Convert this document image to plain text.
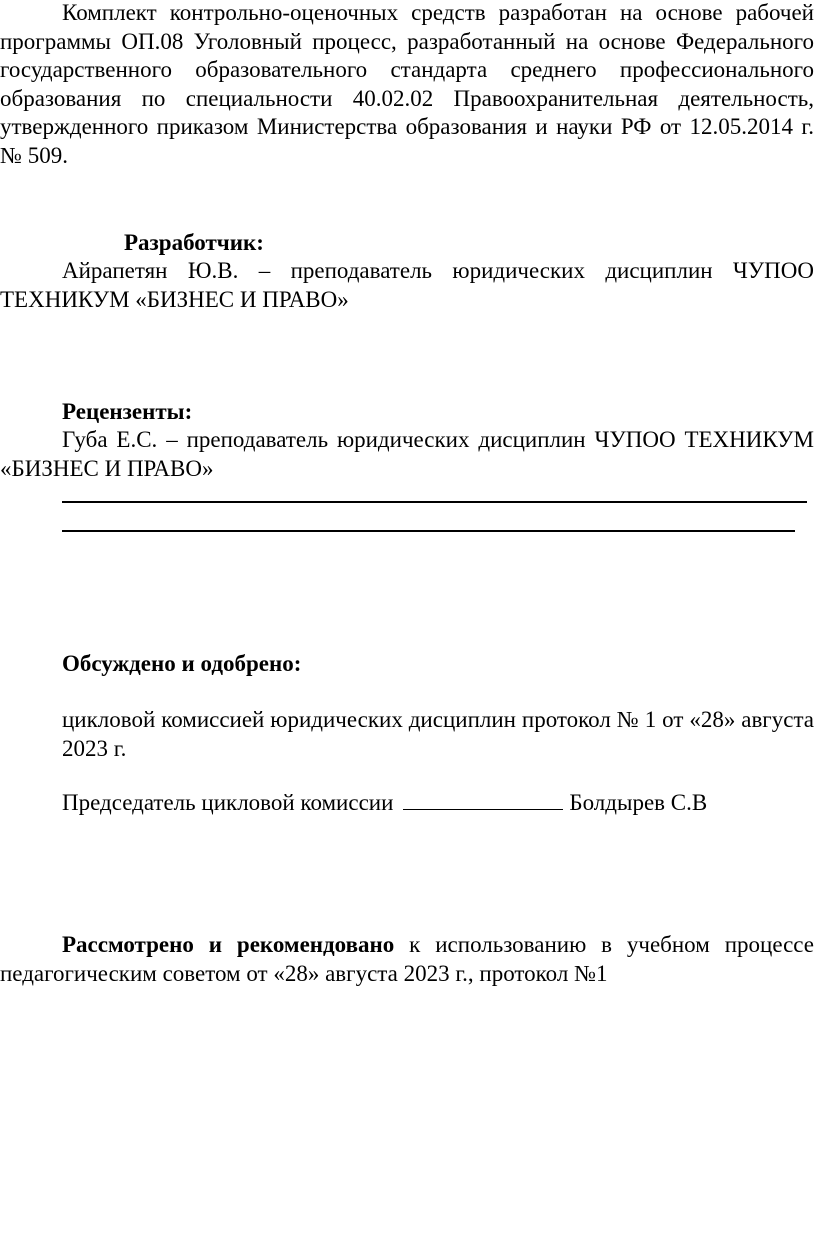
Комплект контрольно-оценочных средств разработан на основе рабочей программы ОП.08 Уголовный процесс, разработанный на основе Федерального государственного образовательного стандарта среднего профессионального образования по специальности 40.02.02 Правоохранительная деятельность, утвержденного приказом Министерства образования и науки РФ от 12.05.2014 г. № 509.

Разработчик:

Айрапетян Ю.В. – преподаватель юридических дисциплин ЧУПОО ТЕХНИКУМ «БИЗНЕС И ПРАВО»

Рецензенты:

Губа Е.С. – преподаватель юридических дисциплин ЧУПОО ТЕХНИКУМ «БИЗНЕС И ПРАВО»

Обсуждено и одобрено:

цикловой комиссией юридических дисциплин протокол № 1 от «28» августа 2023 г.

Председатель цикловой комиссии	Болдырев С.В

Рассмотрено и рекомендовано к использованию в учебном процессе педагогическим советом от «28» августа 2023 г., протокол №1
